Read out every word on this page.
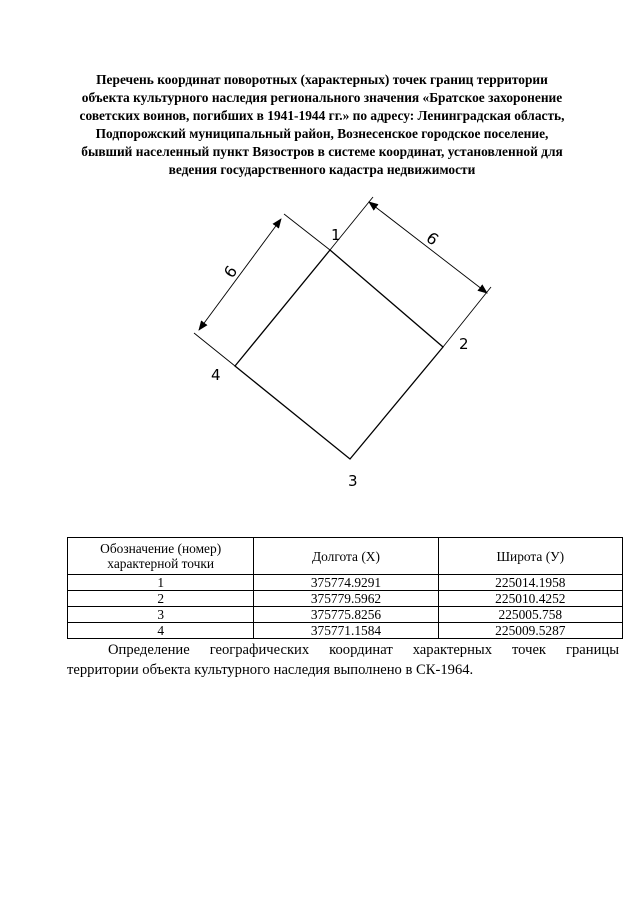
Перечень координат поворотных (характерных) точек границ территории
объекта культурного наследия регионального значения «Братское захоронение
советских воинов, погибших в 1941-1944 гг.» по адресу: Ленинградская область,
Подпорожский муниципальный район, Вознесенское городское поселение,
бывший населенный пункт Вязостров в системе координат, установленной для
ведения государственного кадастра недвижимости
6
6
1
2
3
4
Обозначение (номер) характерной точки	Долгота (X)	Широта (У)
1	375774.9291	225014.1958
2	375779.5962	225010.4252
3	375775.8256	225005.758
4	375771.1584	225009.5287
Определение географических координат характерных точек границы
территории объекта культурного наследия выполнено в СК-1964.
